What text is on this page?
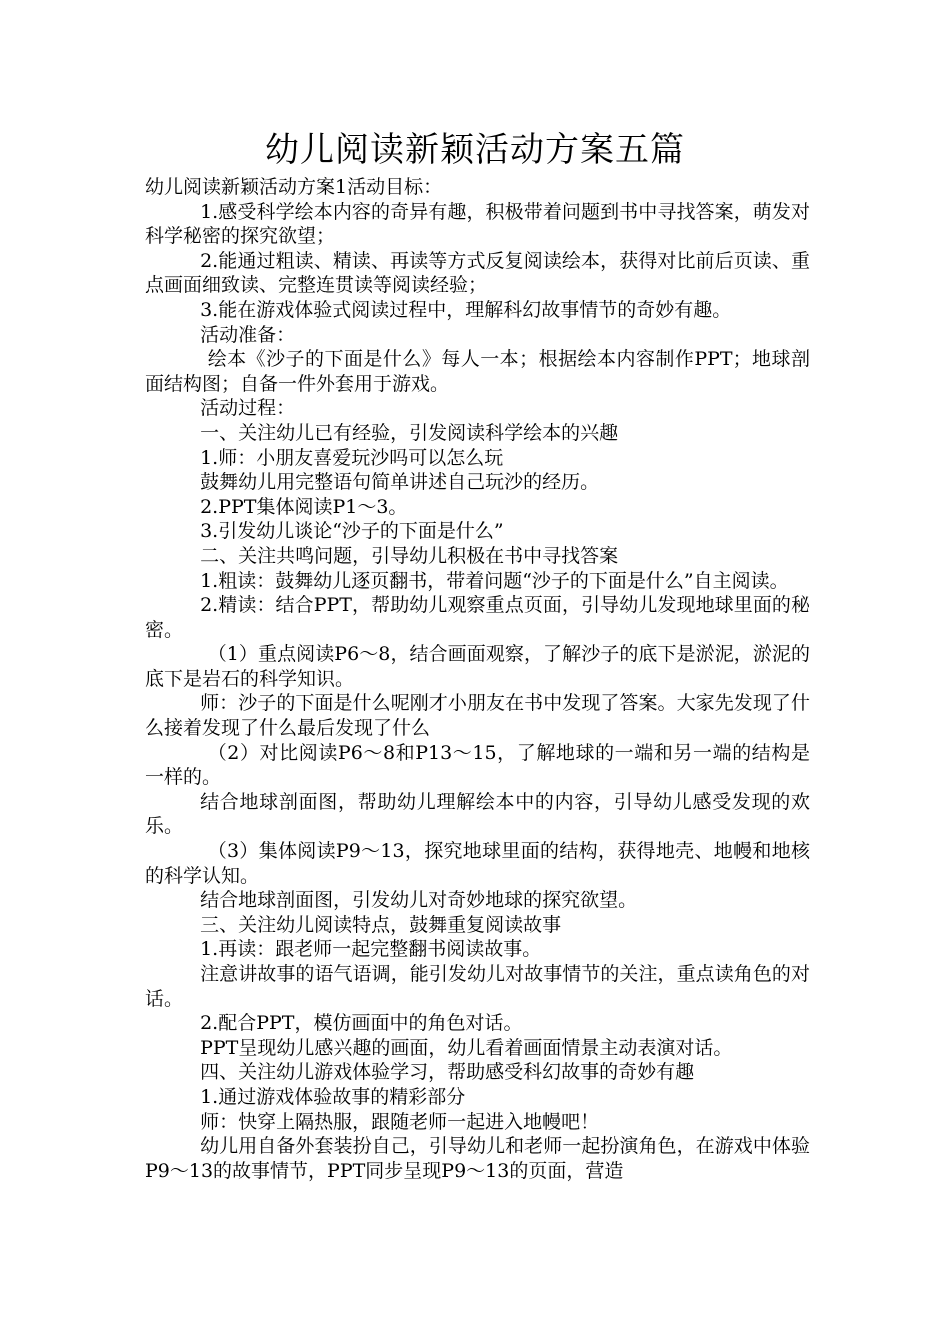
幼儿阅读新颖活动方案五篇

幼儿阅读新颖活动方案1活动目标：

1.感受科学绘本内容的奇异有趣，积极带着问题到书中寻找答案，萌发对科学秘密的探究欲望；

2.能通过粗读、精读、再读等方式反复阅读绘本，获得对比前后页读、重点画面细致读、完整连贯读等阅读经验；

3.能在游戏体验式阅读过程中，理解科幻故事情节的奇妙有趣。

活动准备：

绘本《沙子的下面是什么》每人一本；根据绘本内容制作PPT；地球剖面结构图；自备一件外套用于游戏。

活动过程：

一、关注幼儿已有经验，引发阅读科学绘本的兴趣

1.师：小朋友喜爱玩沙吗可以怎么玩

鼓舞幼儿用完整语句简单讲述自己玩沙的经历。

2.PPT集体阅读P1～3。

3.引发幼儿谈论“沙子的下面是什么”

二、关注共鸣问题，引导幼儿积极在书中寻找答案

1.粗读：鼓舞幼儿逐页翻书，带着问题“沙子的下面是什么”自主阅读。

2.精读：结合PPT，帮助幼儿观察重点页面，引导幼儿发现地球里面的秘密。

（1）重点阅读P6～8，结合画面观察，了解沙子的底下是淤泥，淤泥的底下是岩石的科学知识。

师：沙子的下面是什么呢刚才小朋友在书中发现了答案。大家先发现了什么接着发现了什么最后发现了什么

（2）对比阅读P6～8和P13～15，了解地球的一端和另一端的结构是一样的。

结合地球剖面图，帮助幼儿理解绘本中的内容，引导幼儿感受发现的欢乐。

（3）集体阅读P9～13，探究地球里面的结构，获得地壳、地幔和地核的科学认知。

结合地球剖面图，引发幼儿对奇妙地球的探究欲望。

三、关注幼儿阅读特点，鼓舞重复阅读故事

1.再读：跟老师一起完整翻书阅读故事。

注意讲故事的语气语调，能引发幼儿对故事情节的关注，重点读角色的对话。

2.配合PPT，模仿画面中的角色对话。

PPT呈现幼儿感兴趣的画面，幼儿看着画面情景主动表演对话。

四、关注幼儿游戏体验学习，帮助感受科幻故事的奇妙有趣

1.通过游戏体验故事的精彩部分

师：快穿上隔热服，跟随老师一起进入地幔吧！

幼儿用自备外套装扮自己，引导幼儿和老师一起扮演角色，在游戏中体验P9～13的故事情节，PPT同步呈现P9～13的页面，营造
